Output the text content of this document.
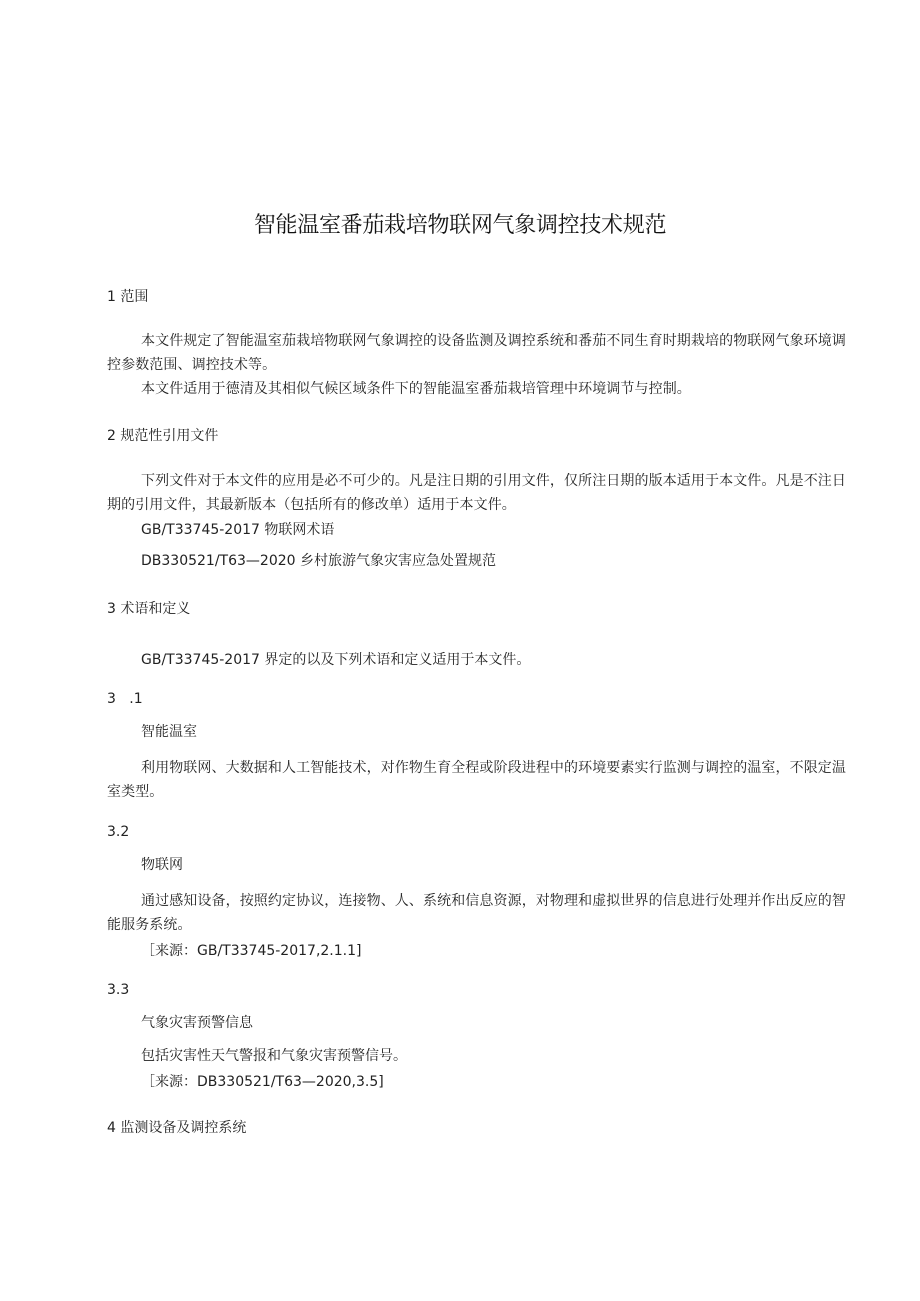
智能温室番茄栽培物联网气象调控技术规范
1 范围
本文件规定了智能温室茄栽培物联网气象调控的设备监测及调控系统和番茄不同生育时期栽培的物联网气象环境调控参数范围、调控技术等。
本文件适用于德清及其相似气候区域条件下的智能温室番茄栽培管理中环境调节与控制。
2 规范性引用文件
下列文件对于本文件的应用是必不可少的。凡是注日期的引用文件，仅所注日期的版本适用于本文件。凡是不注日期的引用文件，其最新版本（包括所有的修改单）适用于本文件。
GB/T33745-2017 物联网术语
DB330521/T63—2020 乡村旅游气象灾害应急处置规范
3 术语和定义
GB/T33745-2017 界定的以及下列术语和定义适用于本文件。
3   .1
智能温室
利用物联网、大数据和人工智能技术，对作物生育全程或阶段进程中的环境要素实行监测与调控的温室，不限定温室类型。
3.2
物联网
通过感知设备，按照约定协议，连接物、人、系统和信息资源，对物理和虚拟世界的信息进行处理并作出反应的智能服务系统。
［来源：GB/T33745-2017,2.1.1]
3.3
气象灾害预警信息
包括灾害性天气警报和气象灾害预警信号。
［来源：DB330521/T63—2020,3.5]
4 监测设备及调控系统
